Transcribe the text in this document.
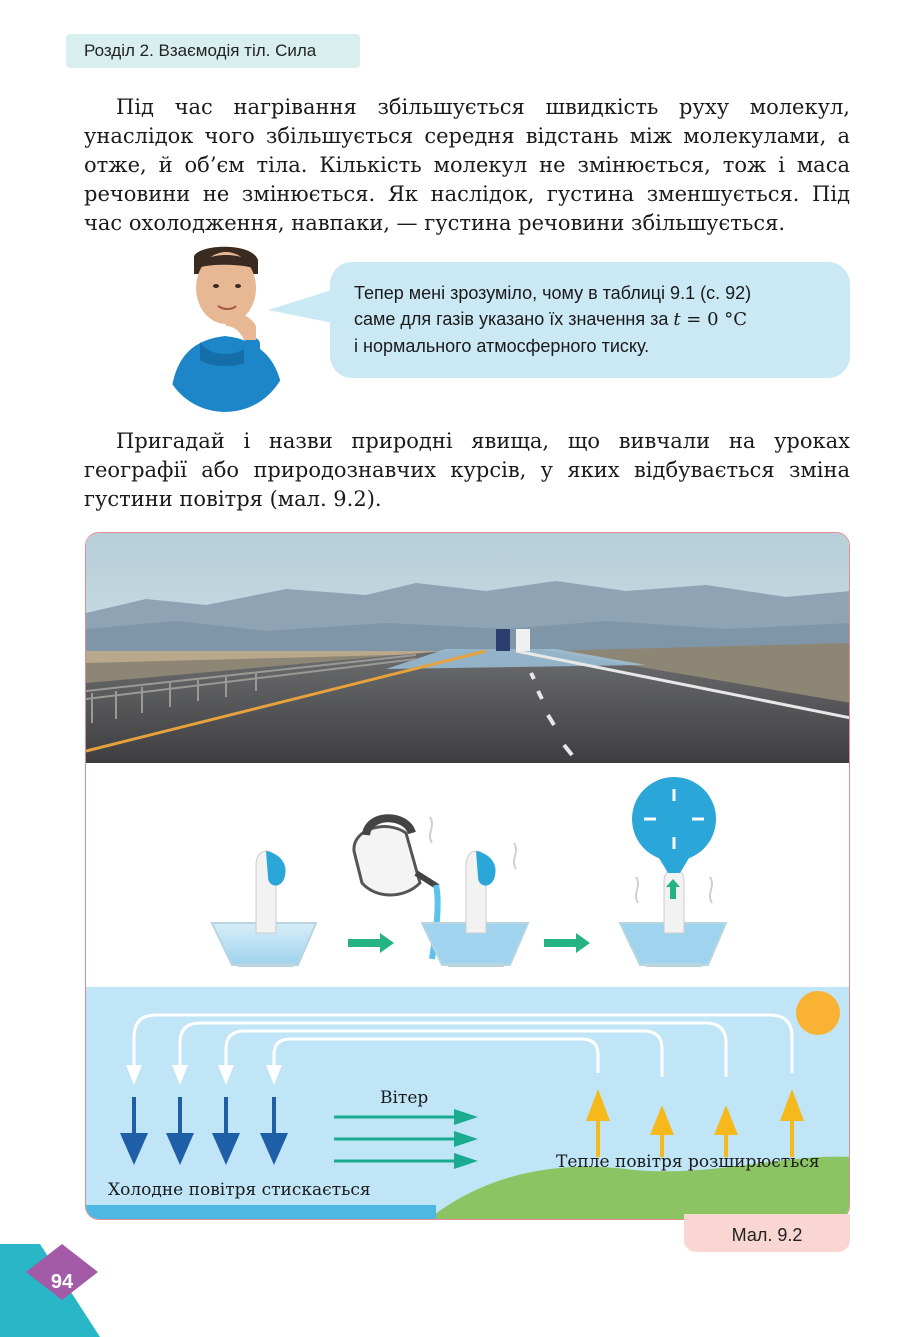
Розділ 2. Взаємодія тіл. Сила

Під час нагрівання збільшується швидкість руху молекул, унаслідок чого збільшується середня відстань між молекулами, а отже, й об’єм тіла. Кількість молекул не змінюється, тож і маса речовини не змінюється. Як наслідок, густина зменшується. Під час охолодження, навпаки, — густина речовини збільшується.

Тепер мені зрозуміло, чому в таблиці 9.1 (с. 92)
саме для газів указано їх значення за t = 0 °C
і нормального атмосферного тиску.

Пригадай і назви природні явища, що вивчали на уроках географії або природознавчих курсів, у яких відбувається зміна густини повітря (мал. 9.2).

Вітер
Холодне повітря стискається
Тепле повітря розширюється
Мал. 9.2
94
